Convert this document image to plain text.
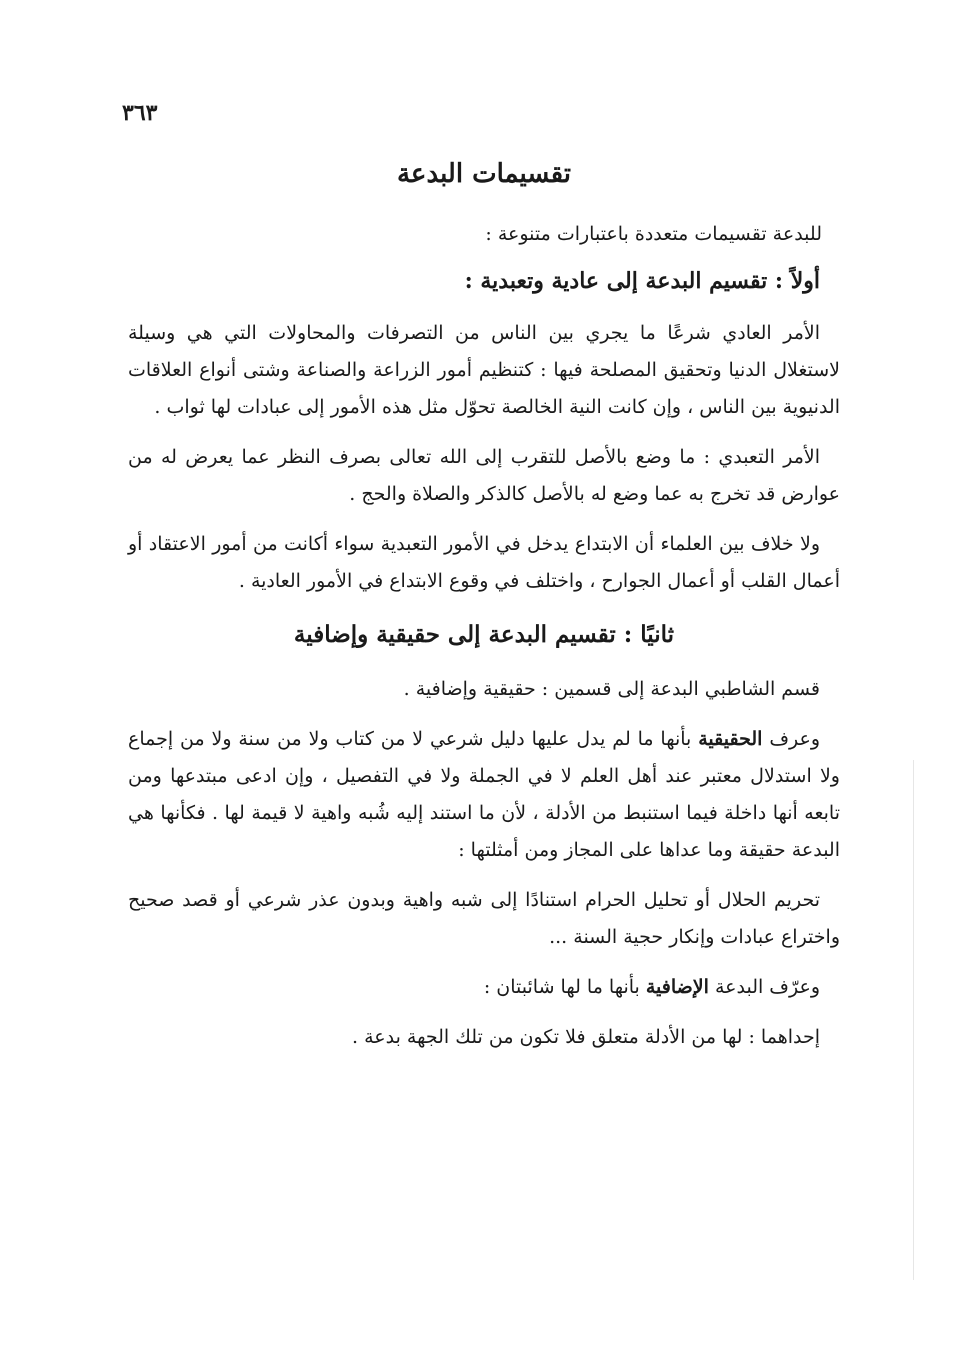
٣٦٣
تقسيمات البدعة
للبدعة تقسيمات متعددة باعتبارات متنوعة :
أولاً : تقسيم البدعة إلى عادية وتعبدية :

الأمر العادي شرعًا ما يجري بين الناس من التصرفات والمحاولات التي هي وسيلة لاستغلال الدنيا وتحقيق المصلحة فيها : كتنظيم أمور الزراعة والصناعة وشتى أنواع العلاقات الدنيوية بين الناس ، وإن كانت النية الخالصة تحوّل مثل هذه الأمور إلى عبادات لها ثواب .

الأمر التعبدي : ما وضع بالأصل للتقرب إلى الله تعالى بصرف النظر عما يعرض له من عوارض قد تخرج به عما وضع له بالأصل كالذكر والصلاة والحج .

ولا خلاف بين العلماء أن الابتداع يدخل في الأمور التعبدية سواء أكانت من أمور الاعتقاد أو أعمال القلب أو أعمال الجوارح ، واختلف في وقوع الابتداع في الأمور العادية .

ثانيًا : تقسيم البدعة إلى حقيقية وإضافية

قسم الشاطبي البدعة إلى قسمين : حقيقية وإضافية .

وعرف الحقيقية بأنها ما لم يدل عليها دليل شرعي لا من كتاب ولا من سنة ولا من إجماع ولا استدلال معتبر عند أهل العلم لا في الجملة ولا في التفصيل ، وإن ادعى مبتدعها ومن تابعه أنها داخلة فيما استنبط من الأدلة ، لأن ما استند إليه شُبه واهية لا قيمة لها . فكأنها هي البدعة حقيقة وما عداها على المجاز ومن أمثلتها :

تحريم الحلال أو تحليل الحرام استنادًا إلى شبه واهية وبدون عذر شرعي أو قصد صحيح واختراع عبادات وإنكار حجية السنة ...

وعرّف البدعة الإضافية بأنها ما لها شائبتان :

إحداهما : لها من الأدلة متعلق فلا تكون من تلك الجهة بدعة .
